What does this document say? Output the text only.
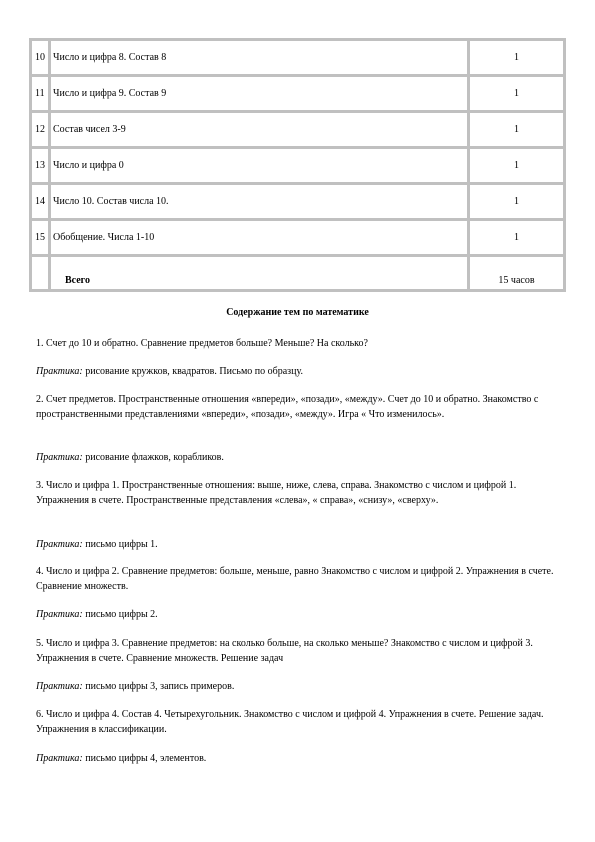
10	Число и цифра 8. Состав 8	1
11	Число и цифра 9. Состав 9	1
12	Состав чисел 3-9	1
13	Число и цифра 0	1
14	Число 10. Состав числа 10.	1
15	Обобщение. Числа 1-10	1
	Всего	15 часов
Содержание тем по математике
1. Счет до 10 и обратно. Сравнение предметов больше? Меньше? На сколько?
Практика: рисование кружков, квадратов. Письмо по образцу.
2. Счет предметов. Пространственные отношения «впереди», «позади», «между». Счет до 10 и обратно. Знакомство с пространственными представлениями «впереди», «позади», «между». Игра « Что изменилось».
Практика: рисование флажков, корабликов.
3. Число и цифра 1. Пространственные отношения: выше, ниже, слева, справа. Знакомство с числом и цифрой 1. Упражнения в счете. Пространственные представления «слева», « справа», «снизу», «сверху».
Практика: письмо цифры 1.
4. Число и цифра 2. Сравнение предметов: больше, меньше, равно Знакомство с числом и цифрой 2. Упражнения в счете. Сравнение множеств.
Практика: письмо цифры 2.
5. Число и цифра 3. Сравнение предметов: на сколько больше, на сколько меньше? Знакомство с числом и цифрой 3. Упражнения в счете. Сравнение множеств. Решение задач
Практика: письмо цифры 3, запись примеров.
6. Число и цифра 4. Состав 4. Четырехугольник. Знакомство с числом и цифрой 4. Упражнения в счете. Решение задач. Упражнения в классификации.
Практика: письмо цифры 4, элементов.
